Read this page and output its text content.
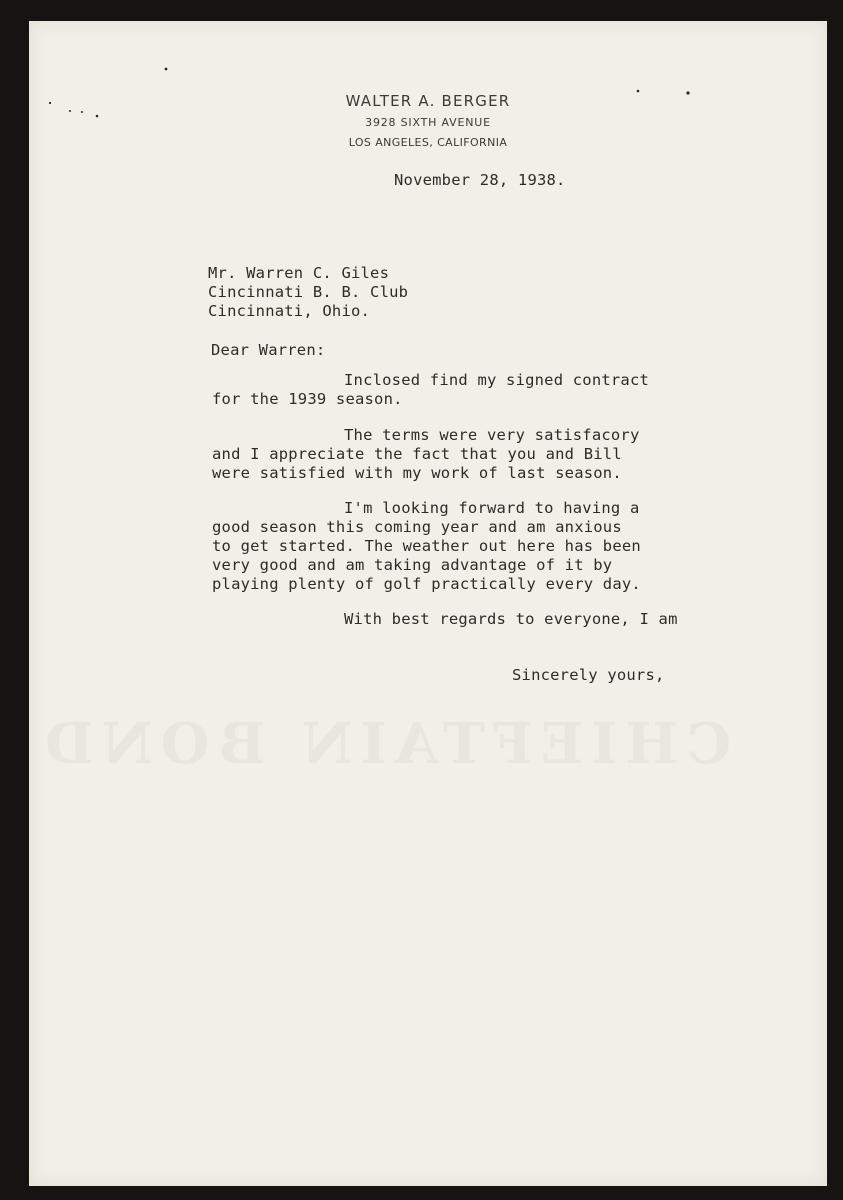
CHIEFTAIN BOND
WALTER A. BERGER
3928 SIXTH AVENUE
LOS ANGELES, CALIFORNIA
November 28, 1938.
Mr. Warren C. Giles
Cincinnati B. B. Club
Cincinnati, Ohio.
Dear Warren:
Inclosed find my signed contract
for the 1939 season.
The terms were very satisfacory
and I appreciate the fact that you and Bill
were satisfied with my work of last season.
I'm looking forward to having a
good season this coming year and am anxious
to get started. The weather out here has been
very good and am taking advantage of it by
playing plenty of golf practically every day.
With best regards to everyone, I am
Sincerely yours,
